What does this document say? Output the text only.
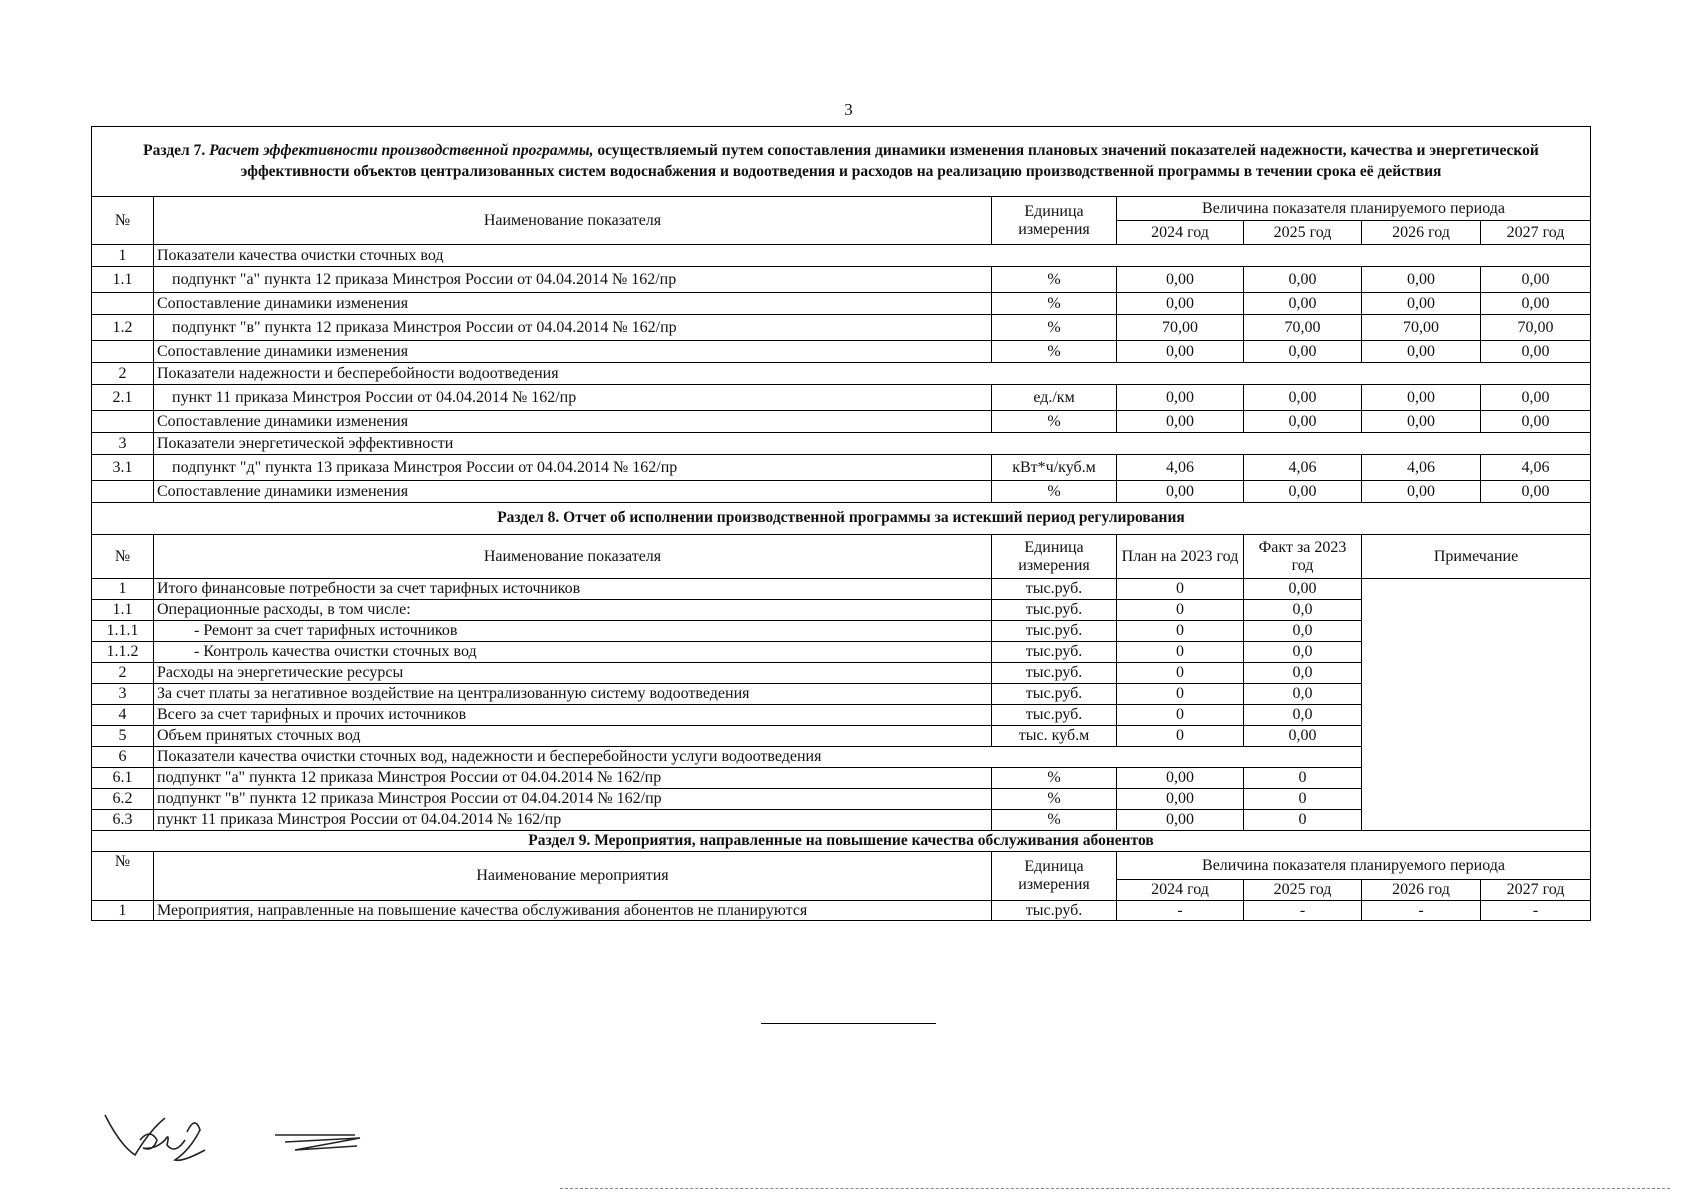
3
Раздел 7. Расчет эффективности производственной программы, осуществляемый путем сопоставления динамики изменения плановых значений показателей надежности, качества и энергетической эффективности объектов централизованных систем водоснабжения и водоотведения и расходов на реализацию производственной программы в течении срока её действия						
№	Наименование показателя	Единица измерения	Величина показателя планируемого периода			
			2024 год	2025 год	2026 год	2027 год
1	Показатели качества очистки сточных вод					
1.1	подпункт "а" пункта 12 приказа Минстроя России от 04.04.2014 № 162/пр	%	0,00	0,00	0,00	0,00
	Сопоставление динамики изменения	%	0,00	0,00	0,00	0,00
1.2	подпункт "в" пункта 12 приказа Минстроя России от 04.04.2014 № 162/пр	%	70,00	70,00	70,00	70,00
	Сопоставление динамики изменения	%	0,00	0,00	0,00	0,00
2	Показатели надежности и бесперебойности водоотведения					
2.1	пункт 11 приказа Минстроя России от 04.04.2014 № 162/пр	ед./км	0,00	0,00	0,00	0,00
	Сопоставление динамики изменения	%	0,00	0,00	0,00	0,00
3	Показатели энергетической эффективности					
3.1	подпункт "д" пункта 13 приказа Минстроя России от 04.04.2014 № 162/пр	кВт*ч/куб.м	4,06	4,06	4,06	4,06
	Сопоставление динамики изменения	%	0,00	0,00	0,00	0,00
Раздел 8. Отчет об исполнении производственной программы за истекший период регулирования						
№	Наименование показателя	Единица измерения	План на 2023 год	Факт за 2023 год	Примечание	
1	Итого финансовые потребности за счет тарифных источников	тыс.руб.	0	0,00		
1.1	Операционные расходы, в том числе:	тыс.руб.	0	0,0		
1.1.1	- Ремонт за счет тарифных источников	тыс.руб.	0	0,0		
1.1.2	- Контроль качества очистки сточных вод	тыс.руб.	0	0,0		
2	Расходы на энергетические ресурсы	тыс.руб.	0	0,0		
3	За счет платы за негативное воздействие на централизованную систему водоотведения	тыс.руб.	0	0,0		
4	Всего за счет тарифных и прочих источников	тыс.руб.	0	0,0		
5	Объем принятых сточных вод	тыс. куб.м	0	0,00		
6	Показатели качества очистки сточных вод, надежности и бесперебойности услуги водоотведения					
6.1	подпункт "а" пункта 12 приказа Минстроя России от 04.04.2014 № 162/пр	%	0,00	0		
6.2	подпункт "в" пункта 12 приказа Минстроя России от 04.04.2014 № 162/пр	%	0,00	0		
6.3	пункт 11 приказа Минстроя России от 04.04.2014 № 162/пр	%	0,00	0		
Раздел 9. Мероприятия, направленные на повышение качества обслуживания абонентов						
№	Наименование мероприятия	Единица измерения	Величина показателя планируемого периода			
			2024 год	2025 год	2026 год	2027 год
1	Мероприятия, направленные на повышение качества обслуживания абонентов не планируются	тыс.руб.	-	-	-	-
